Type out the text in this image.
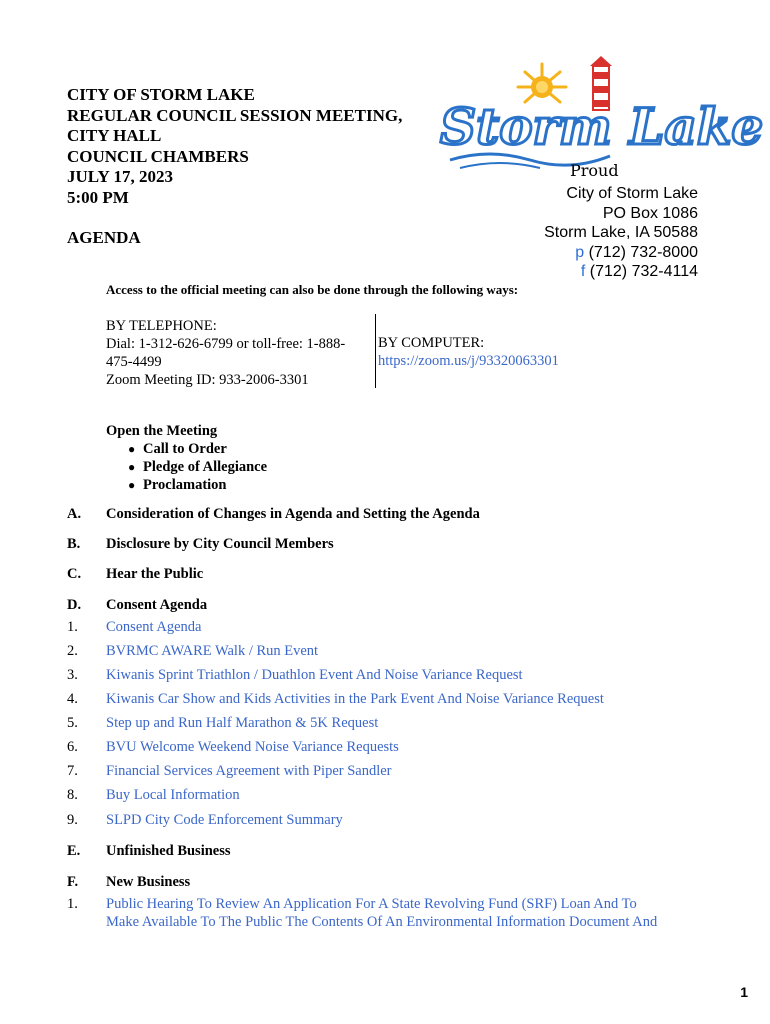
CITY OF STORM LAKE
REGULAR COUNCIL SESSION MEETING,
CITY HALL
COUNCIL CHAMBERS
JULY 17, 2023
5:00 PM
AGENDA
Storm Lake
Proud
City of Storm Lake
PO Box 1086
Storm Lake, IA 50588
p (712) 732-8000
f (712) 732-4114
Access to the official meeting can also be done through the following ways:
BY TELEPHONE:
Dial: 1-312-626-6799 or toll-free: 1-888-
475-4499
Zoom Meeting ID: 933-2006-3301
BY COMPUTER:
https://zoom.us/j/93320063301
Open the Meeting
● Call to Order
● Pledge of Allegiance
● Proclamation
A. Consideration of Changes in Agenda and Setting the Agenda
B. Disclosure by City Council Members
C. Hear the Public
D. Consent Agenda
1. Consent Agenda
2. BVRMC AWARE Walk / Run Event
3. Kiwanis Sprint Triathlon / Duathlon Event And Noise Variance Request
4. Kiwanis Car Show and Kids Activities in the Park Event And Noise Variance Request
5. Step up and Run Half Marathon & 5K Request
6. BVU Welcome Weekend Noise Variance Requests
7. Financial Services Agreement with Piper Sandler
8. Buy Local Information
9. SLPD City Code Enforcement Summary
E. Unfinished Business
F. New Business
1. Public Hearing To Review An Application For A State Revolving Fund (SRF) Loan And To
Make Available To The Public The Contents Of An Environmental Information Document And
1
